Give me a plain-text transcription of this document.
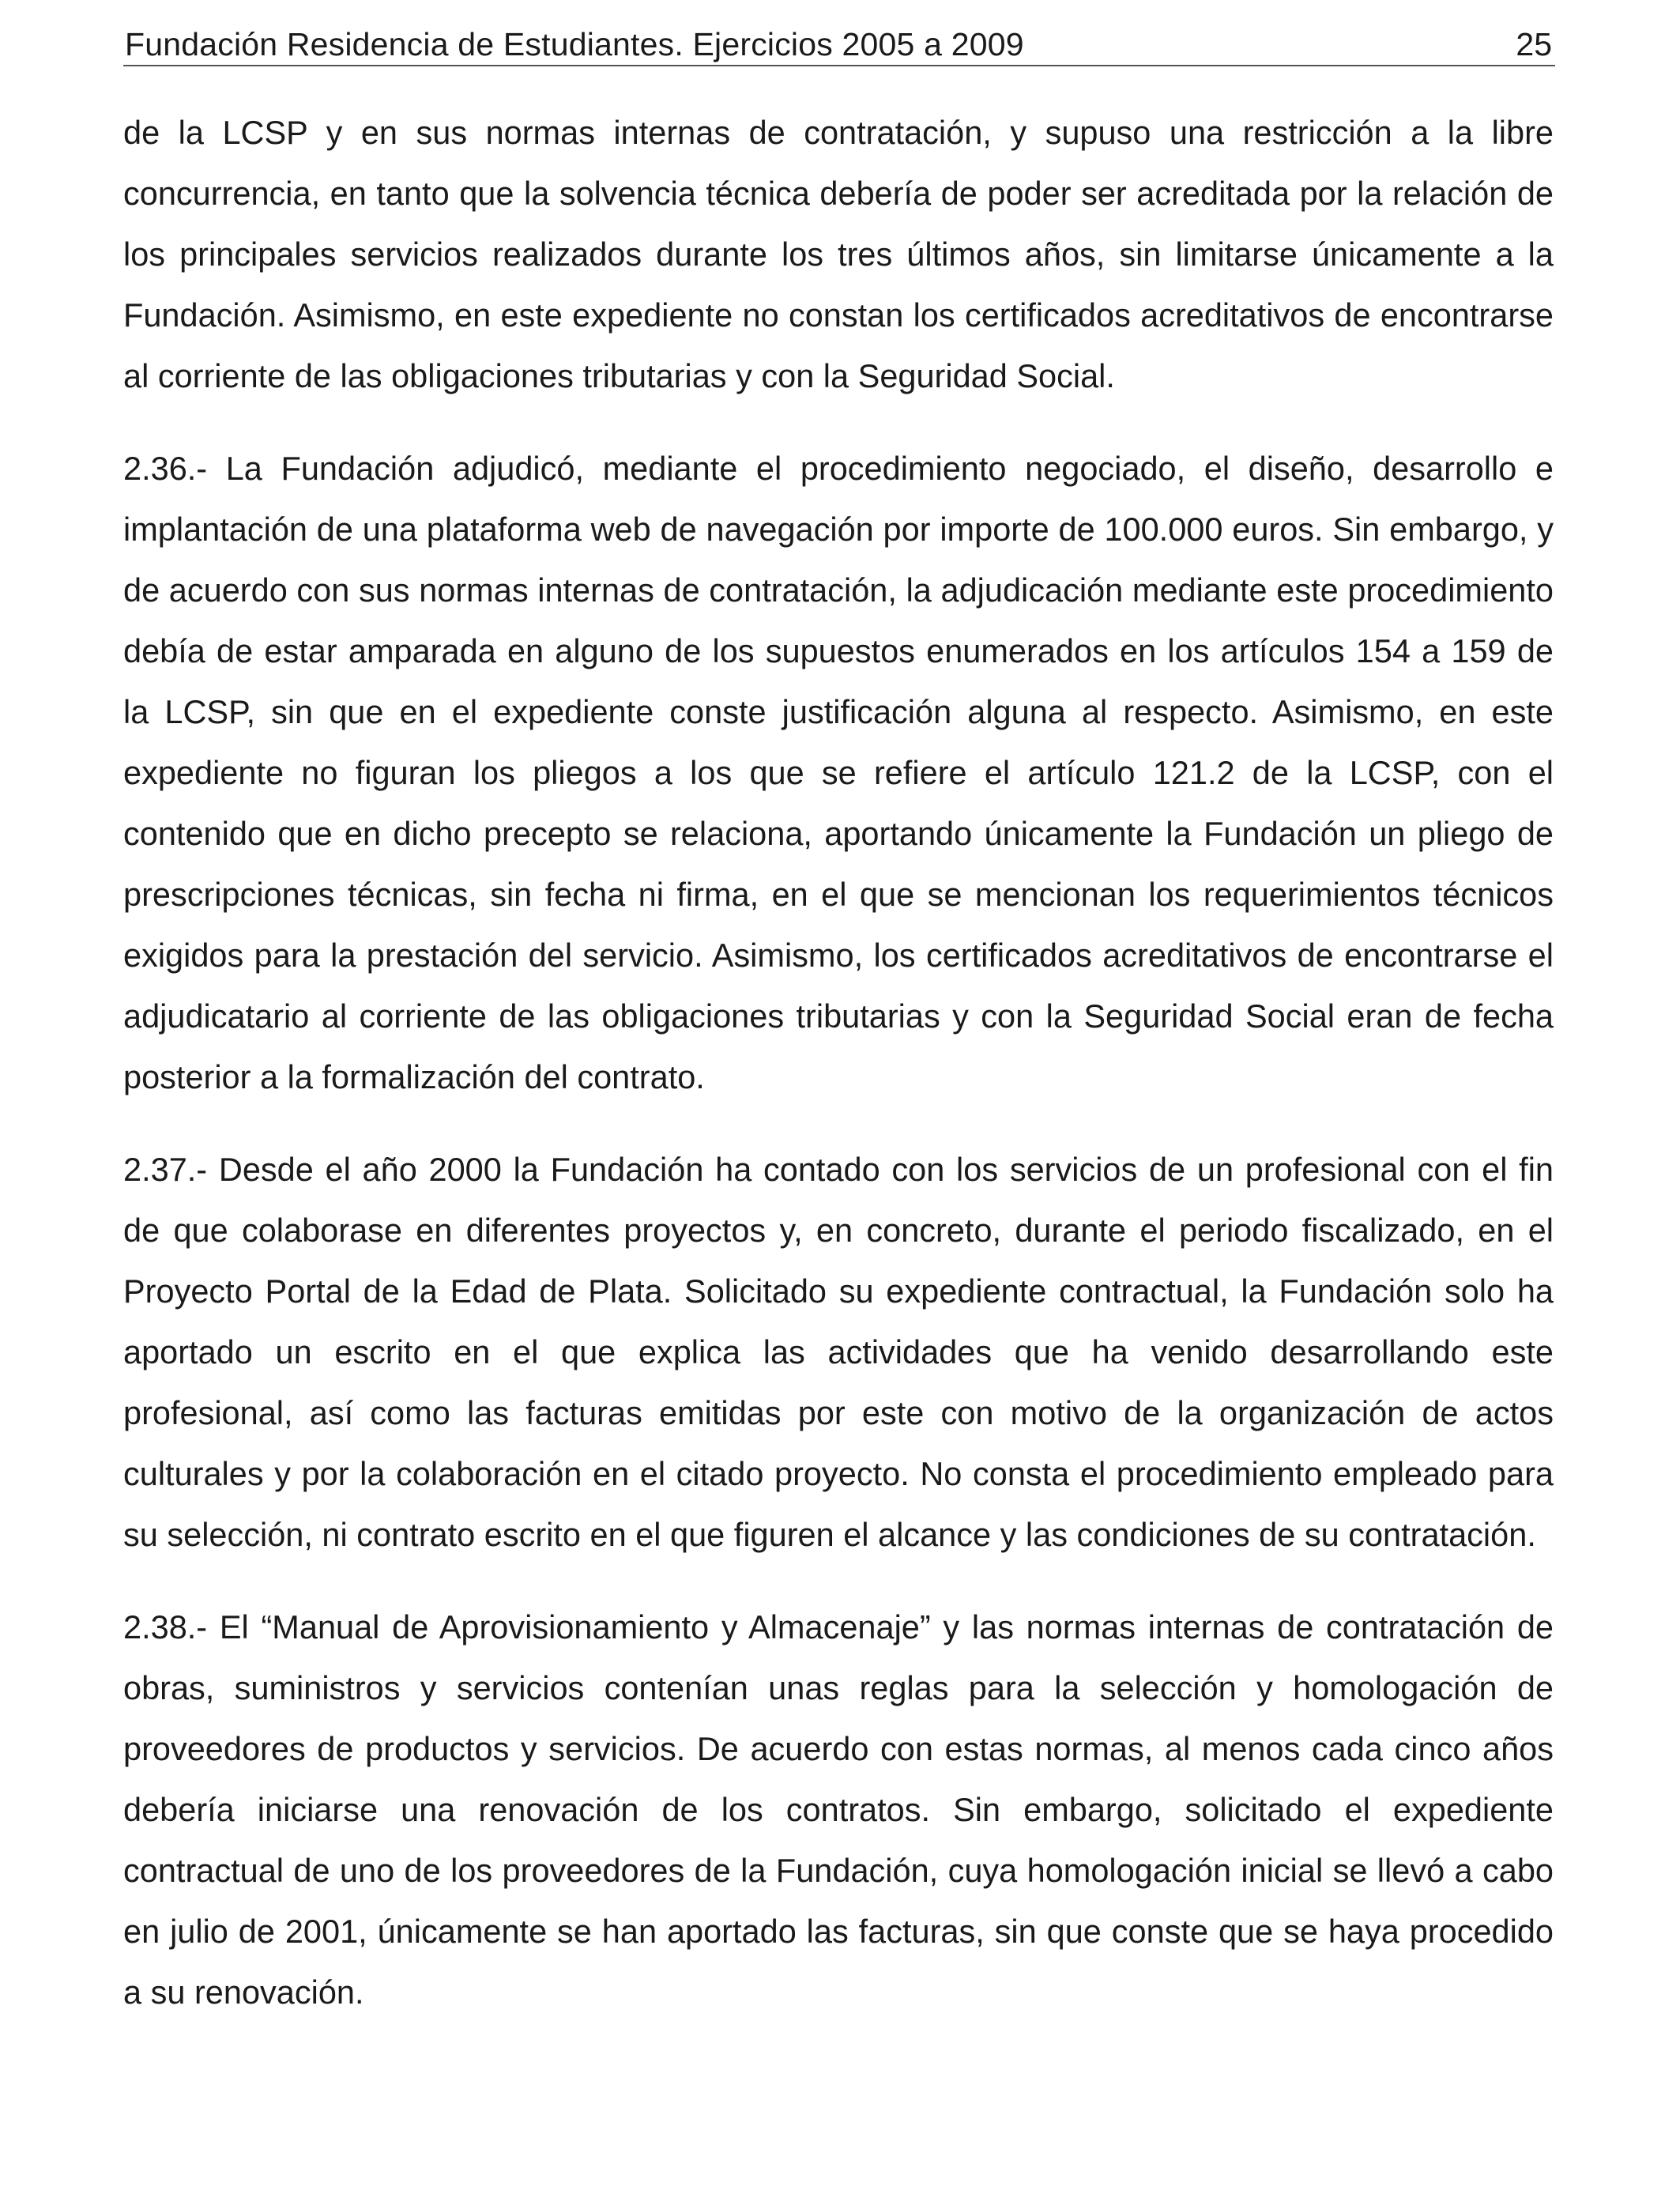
Fundación Residencia de Estudiantes. Ejercicios 2005 a 2009	25

de la LCSP y en sus normas internas de contratación, y supuso una restricción a la libre concurrencia, en tanto que la solvencia técnica debería de poder ser acreditada por la relación de los principales servicios realizados durante los tres últimos años, sin limitarse únicamente a la Fundación. Asimismo, en este expediente no constan los certificados acreditativos de encontrarse al corriente de las obligaciones tributarias y con la Seguridad Social.

2.36.- La Fundación adjudicó, mediante el procedimiento negociado, el diseño, desarrollo e implantación de una plataforma web de navegación por importe de 100.000 euros. Sin embargo, y de acuerdo con sus normas internas de contratación, la adjudicación mediante este procedimiento debía de estar amparada en alguno de los supuestos enumerados en los artículos 154 a 159 de la LCSP, sin que en el expediente conste justificación alguna al respecto. Asimismo, en este expediente no figuran los pliegos a los que se refiere el artículo 121.2 de la LCSP, con el contenido que en dicho precepto se relaciona, aportando únicamente la Fundación un pliego de prescripciones técnicas, sin fecha ni firma, en el que se mencionan los requerimientos técnicos exigidos para la prestación del servicio. Asimismo, los certificados acreditativos de encontrarse el adjudicatario al corriente de las obligaciones tributarias y con la Seguridad Social eran de fecha posterior a la formalización del contrato.

2.37.- Desde el año 2000 la Fundación ha contado con los servicios de un profesional con el fin de que colaborase en diferentes proyectos y, en concreto, durante el periodo fiscalizado, en el Proyecto Portal de la Edad de Plata. Solicitado su expediente contractual, la Fundación solo ha aportado un escrito en el que explica las actividades que ha venido desarrollando este profesional, así como las facturas emitidas por este con motivo de la organización de actos culturales y por la colaboración en el citado proyecto. No consta el procedimiento empleado para su selección, ni contrato escrito en el que figuren el alcance y las condiciones de su contratación.

2.38.- El “Manual de Aprovisionamiento y Almacenaje” y las normas internas de contratación de obras, suministros y servicios contenían unas reglas para la selección y homologación de proveedores de productos y servicios. De acuerdo con estas normas, al menos cada cinco años debería iniciarse una renovación de los contratos. Sin embargo, solicitado el expediente contractual de uno de los proveedores de la Fundación, cuya homologación inicial se llevó a cabo en julio de 2001, únicamente se han aportado las facturas, sin que conste que se haya procedido a su renovación.
